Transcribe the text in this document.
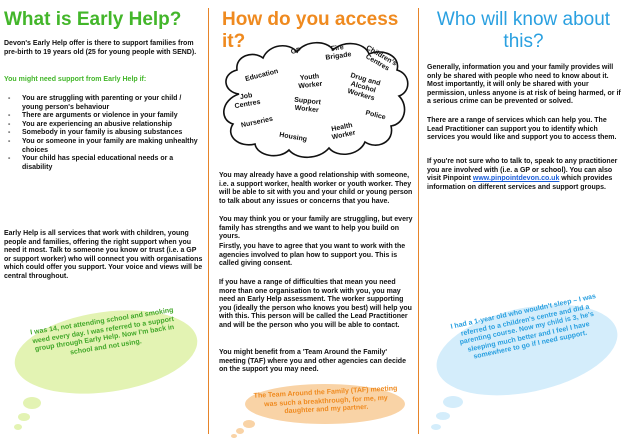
What is Early Help?

Devon's Early Help offer is there to support families from pre-birth to 19 years old (25 for young people with SEND).

You might need support from Early Help if:

- You are struggling with parenting or your child / young person's behaviour
- There are arguments or violence in your family
- You are experiencing an abusive relationship
- Somebody in your family is abusing substances
- You or someone in your family are making unhealthy choices
- Your child has special educational needs or a disability

Early Help is all services that work with children, young people and families, offering the right support when you need it most. Talk to someone you know or trust (i.e. a GP or support worker) who will connect you with organisations which could offer you support. Your voice and views will be central throughout.

I was 14, not attending school and smoking weed every day. I was referred to a support group through Early Help. Now I'm back in school and not using.
How do you access it?	GP	Fire Brigade	Children's Centres
Education	Youth Worker	Drug and Alcohol Workers
Job Centres	Support Worker
Police
Nurseries
Housing
Health Worker

You may already have a good relationship with someone, i.e. a support worker, health worker or youth worker. They will be able to sit with you and your child or young person to talk about any issues or concerns that you have.

You may think you or your family are struggling, but every family has strengths and we want to help you build on yours.

Firstly, you have to agree that you want to work with the agencies involved to plan how to support you. This is called giving consent.

If you have a range of difficulties that mean you need more than one organisation to work with you, you may need an Early Help assessment. The worker supporting you (ideally the person who knows you best) will help you with this. This person will be called the Lead Practitioner and will be the person who you will be able to contact.

You might benefit from a 'Team Around the Family' meeting (TAF) where you and other agencies can decide on the support you may need.

The Team Around the Family (TAF) meeting was such a breakthrough, for me, my daughter and my partner.
Who will know about
this?

Generally, information you and your family provides will only be shared with people who need to know about it. Most importantly, it will only be shared with your permission, unless anyone is at risk of being harmed, or if a serious crime can be prevented or solved.

There are a range of services which can help you. The Lead Practitioner can support you to identify which services you would like and support you to access them.

If you're not sure who to talk to, speak to any practitioner you are involved with (i.e. a GP or school). You can also visit Pinpoint www.pinpointdevon.co.uk which provides information on different services and support groups.

I had a 1-year old who wouldn't sleep – I was referred to a children's centre and did a parenting course. Now my child is 3, he's sleeping much better and I feel I have somewhere to go if I need support.
